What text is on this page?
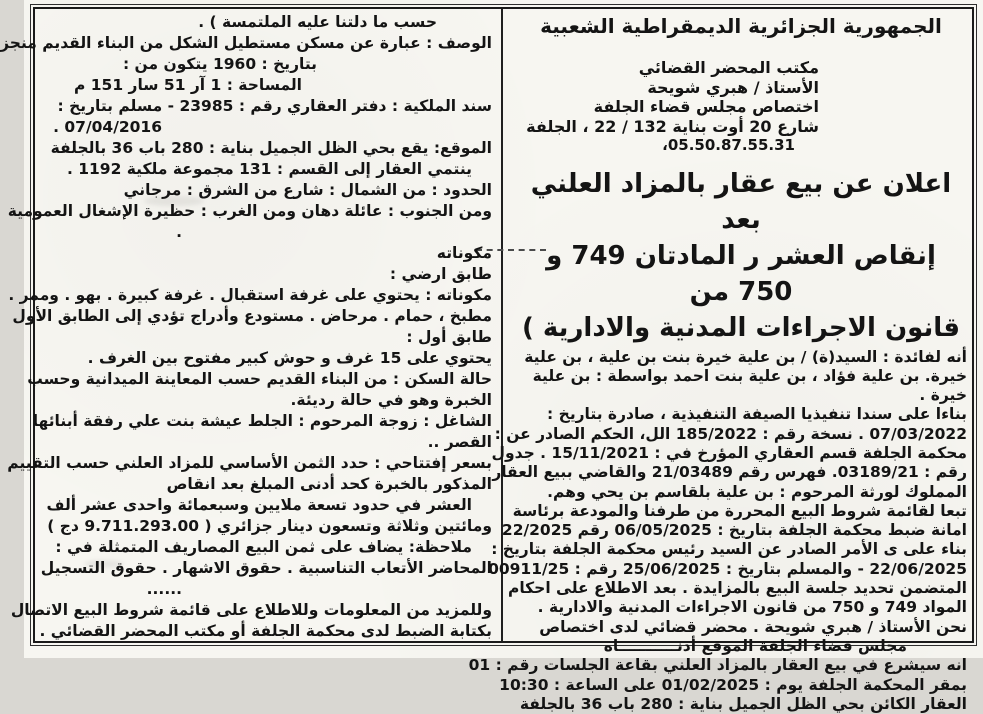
الجمهورية الجزائرية الديمقراطية الشعبية
مكتب المحضر القضائي
الأستاذ / هبري شويحة
اختصاص مجلس قضاء الجلفة
شارع 20 أوت بناية 132 / 22 ، الجلفة
05.50.87.55.31،
اعلان عن بيع عقار بالمزاد العلني بعد
إنقاص العشر ر المادتان 749 و 750 من
قانون الاجراءات المدنية والادارية )
أنه لفائدة : السيد(ة) / بن علية خيرة بنت بن علية ، بن علية
خيرة. بن علية فؤاد ، بن علية بنت احمد بواسطة : بن علية
خيرة .
بناءا على سندا تنفيذيا الصيفة التنفيذية ، صادرة بتاريخ :
07/03/2022 . نسخة رقم : 185/2022 الل، الحكم الصادر عن :
محكمة الجلفة قسم العقاري المؤرخ في : 15/11/2021 . جدول
رقم : 03189/21. فهرس رقم 21/03489 والقاضي ببيع العقار
المملوك لورثة المرحوم : بن علية بلقاسم بن يحي وهم.
تبعا لقائمة شروط البيع المحررة من طرفنا والمودعة برئاسة
امانة ضبط محكمة الجلفة بتاريخ : 06/05/2025 رقم 22/2025
بناء على ى الأمر الصادر عن السيد رئيس محكمة الجلفة بتاريخ :
22/06/2025 - والمسلم بتاريخ : 25/06/2025 رقم : 00911/25
المتضمن تحديد جلسة البيع بالمزايدة . بعد الاطلاع على احكام
المواد 749 و 750 من قانون الاجراءات المدنية والادارية .
نحن الأستاذ / هبري شويحة . محضر قضائي لدى اختصاص
مجلس قضاء الجلفة الموقع أدنـــــــــــاه
انه سيشرع في بيع العقار بالمزاد العلني بقاعة الجلسات رقم : 01
بمقر المحكمة الجلفة يوم : 01/02/2025 على الساعة : 10:30
العقار الكائن بحي الظل الجميل بناية : 280 باب 36 بالجلفة
حسب ما دلتنا عليه الملتمسة ) .
الوصف : عبارة عن مسكن مستطيل الشكل من البناء القديم منجز
بتاريخ : 1960 يتكون من :
المساحة : 1 آر 51 سار 151 م
سند الملكية : دفتر العقاري رقم : 23985 - مسلم بتاريخ :
07/04/2016 .
الموقع: يقع بحي الظل الجميل بناية : 280 باب 36 بالجلفة
ينتمي العقار إلى القسم : 131 مجموعة ملكية 1192 .
الحدود : من الشمال : شارع من الشرق : مرجاني
ومن الجنوب : عائلة دهان ومن الغرب : حظيرة الإشغال العمومية
.
مكوناته
طابق ارضي :
مكوناته : يحتوي على غرفة استقبال . غرفة كبيرة . بهو . وممر .
مطبخ ، حمام . مرحاض . مستودع وأدراج تؤدي إلى الطابق الأول
طابق أول :
يحتوي على 15 غرف و حوش كبير مفتوح بين الغرف .
حالة السكن : من البناء القديم حسب المعاينة الميدانية وحسب
الخبرة وهو في حالة رديئة.
الشاغل : زوجة المرحوم : الجلط عيشة بنت علي رفقة أبنائها
القصر ..
بسعر إفتتاحي : حدد الثمن الأساسي للمزاد العلني حسب التقييم
المذكور بالخبرة كحد أدنى المبلغ بعد انقاص
العشر في حدود تسعة ملايين وسبعمائة واحدى عشر ألف
ومائتين وثلاثة وتسعون دينار جزائري ( 9.711.293.00 دج )
ملاحظة: يضاف على ثمن البيع المصاريف المتمثلة في :
المحاضر الأتعاب التناسبية . حقوق الاشهار . حقوق التسجيل
......
وللمزيد من المعلومات وللاطلاع على قائمة شروط البيع الاتصال
بكتابة الضبط لدى محكمة الجلفة أو مكتب المحضر القضائي .
